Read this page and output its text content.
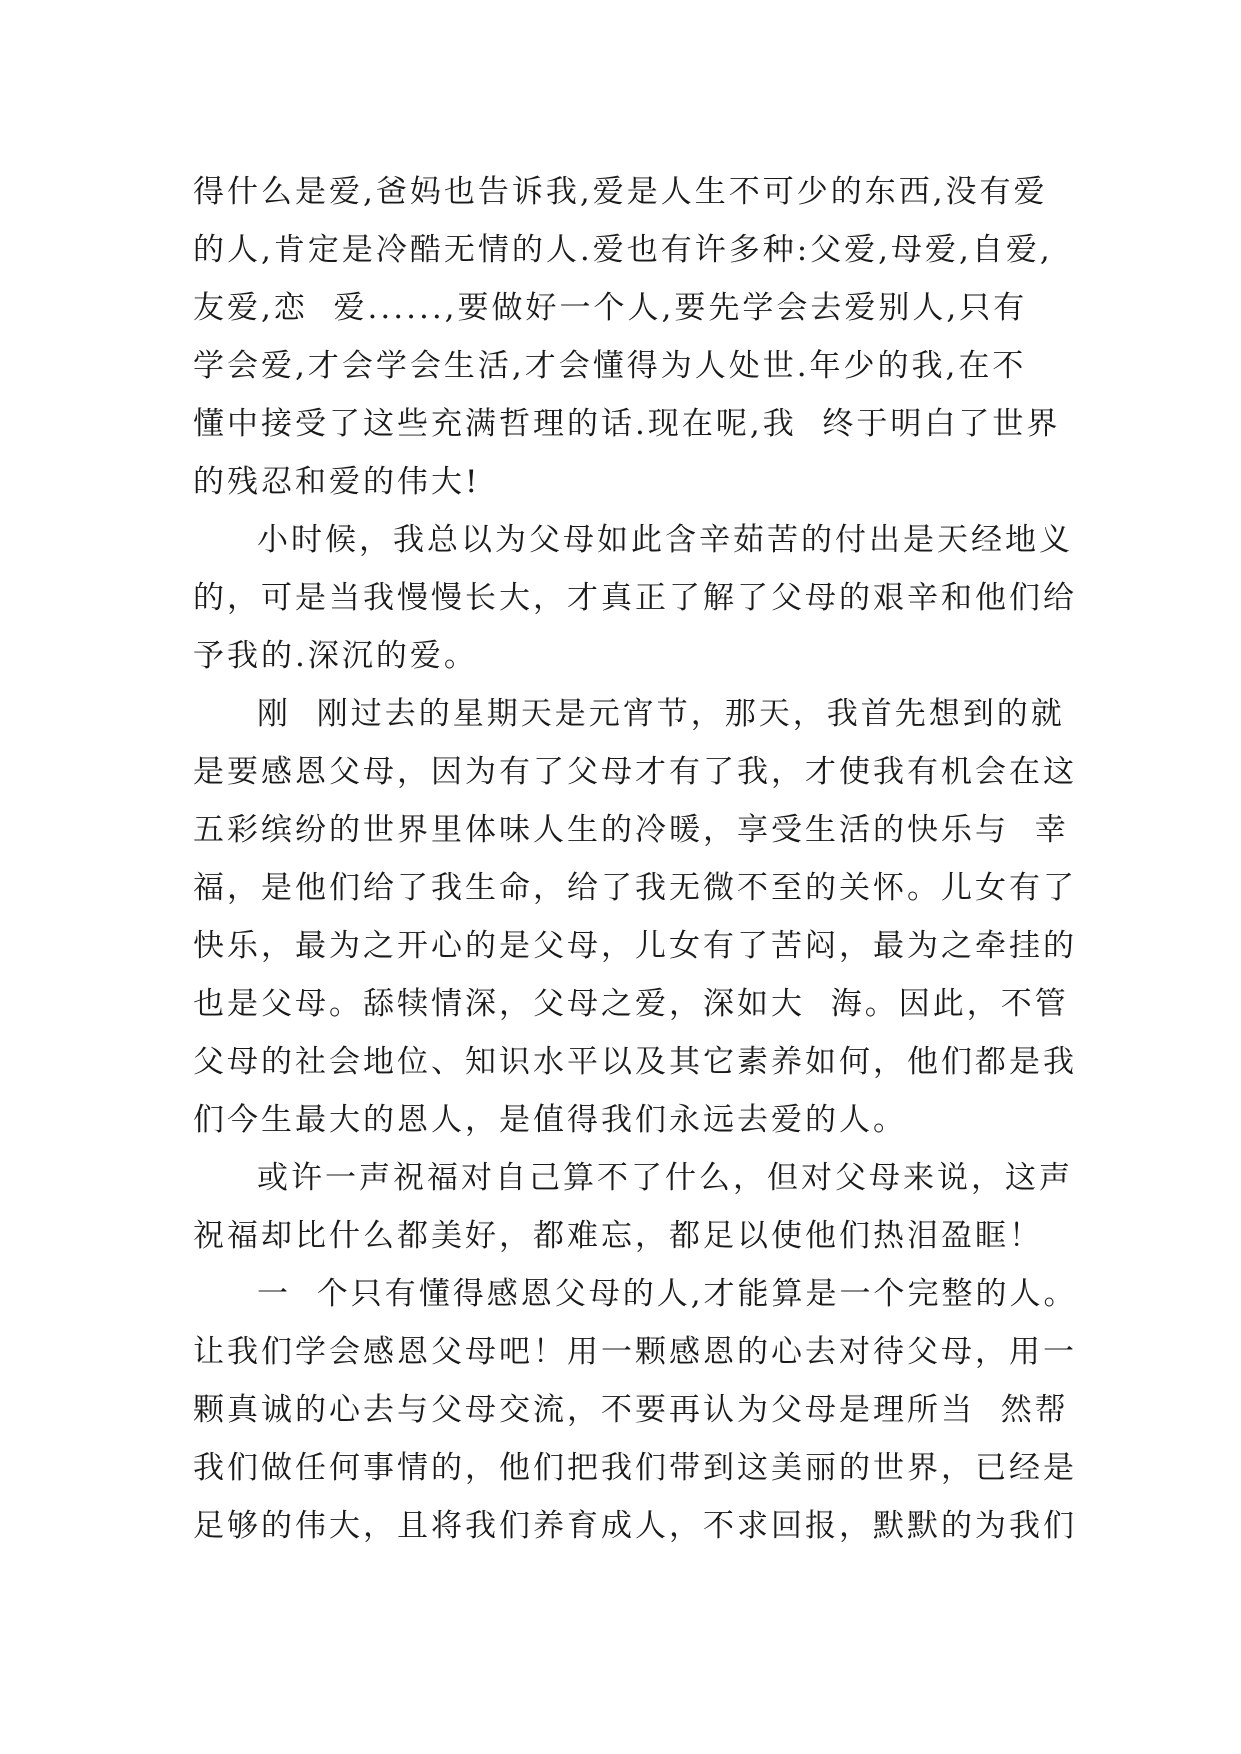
得什么是爱,爸妈也告诉我,爱是人生不可少的东西,没有爱
的人,肯定是冷酷无情的人.爱也有许多种:父爱,母爱,自爱,
友爱,恋  爱......,要做好一个人,要先学会去爱别人,只有
学会爱,才会学会生活,才会懂得为人处世.年少的我,在不
懂中接受了这些充满哲理的话.现在呢,我  终于明白了世界
的残忍和爱的伟大!
小时候，我总以为父母如此含辛茹苦的付出是天经地义
的，可是当我慢慢长大，才真正了解了父母的艰辛和他们给
予我的.深沉的爱。
刚  刚过去的星期天是元宵节，那天，我首先想到的就
是要感恩父母，因为有了父母才有了我，才使我有机会在这
五彩缤纷的世界里体味人生的冷暖，享受生活的快乐与  幸
福，是他们给了我生命，给了我无微不至的关怀。儿女有了
快乐，最为之开心的是父母，儿女有了苦闷，最为之牵挂的
也是父母。舔犊情深，父母之爱，深如大  海。因此，不管
父母的社会地位、知识水平以及其它素养如何，他们都是我
们今生最大的恩人，是值得我们永远去爱的人。
或许一声祝福对自己算不了什么，但对父母来说，这声
祝福却比什么都美好，都难忘，都足以使他们热泪盈眶！
一  个只有懂得感恩父母的人,才能算是一个完整的人。
让我们学会感恩父母吧！用一颗感恩的心去对待父母，用一
颗真诚的心去与父母交流，不要再认为父母是理所当  然帮
我们做任何事情的，他们把我们带到这美丽的世界，已经是
足够的伟大，且将我们养育成人，不求回报，默默的为我们
